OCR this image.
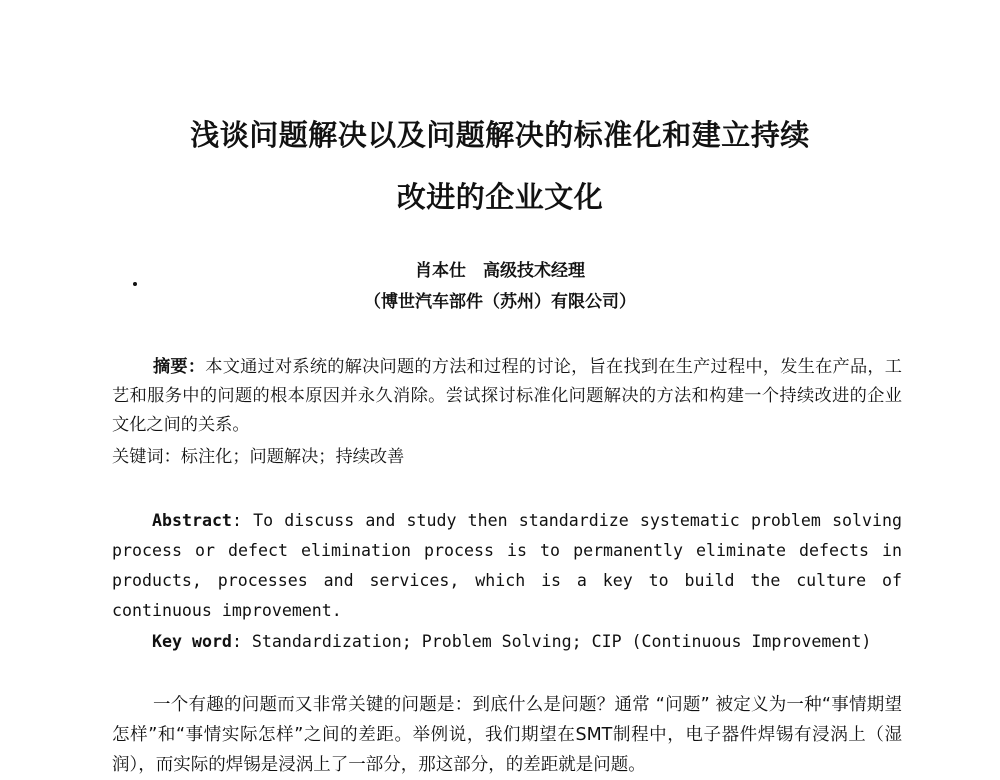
浅谈问题解决以及问题解决的标准化和建立持续
改进的企业文化
肖本仕　高级技术经理
（博世汽车部件（苏州）有限公司）

摘要：本文通过对系统的解决问题的方法和过程的讨论，旨在找到在生产过程中，发生在产品，工艺和服务中的问题的根本原因并永久消除。尝试探讨标准化问题解决的方法和构建一个持续改进的企业文化之间的关系。

关键词：标注化；问题解决；持续改善

Abstract: To discuss and study then standardize systematic problem solving process or defect elimination process is to permanently eliminate defects in products, processes and services, which is a key to build the culture of continuous improvement.

Key word: Standardization; Problem Solving; CIP (Continuous Improvement)

一个有趣的问题而又非常关键的问题是：到底什么是问题？通常 “问题” 被定义为一种“事情期望怎样”和“事情实际怎样”之间的差距。举例说，我们期望在SMT制程中，电子器件焊锡有浸涡上（湿润），而实际的焊锡是浸涡上了一部分，那这部分，的差距就是问题。
